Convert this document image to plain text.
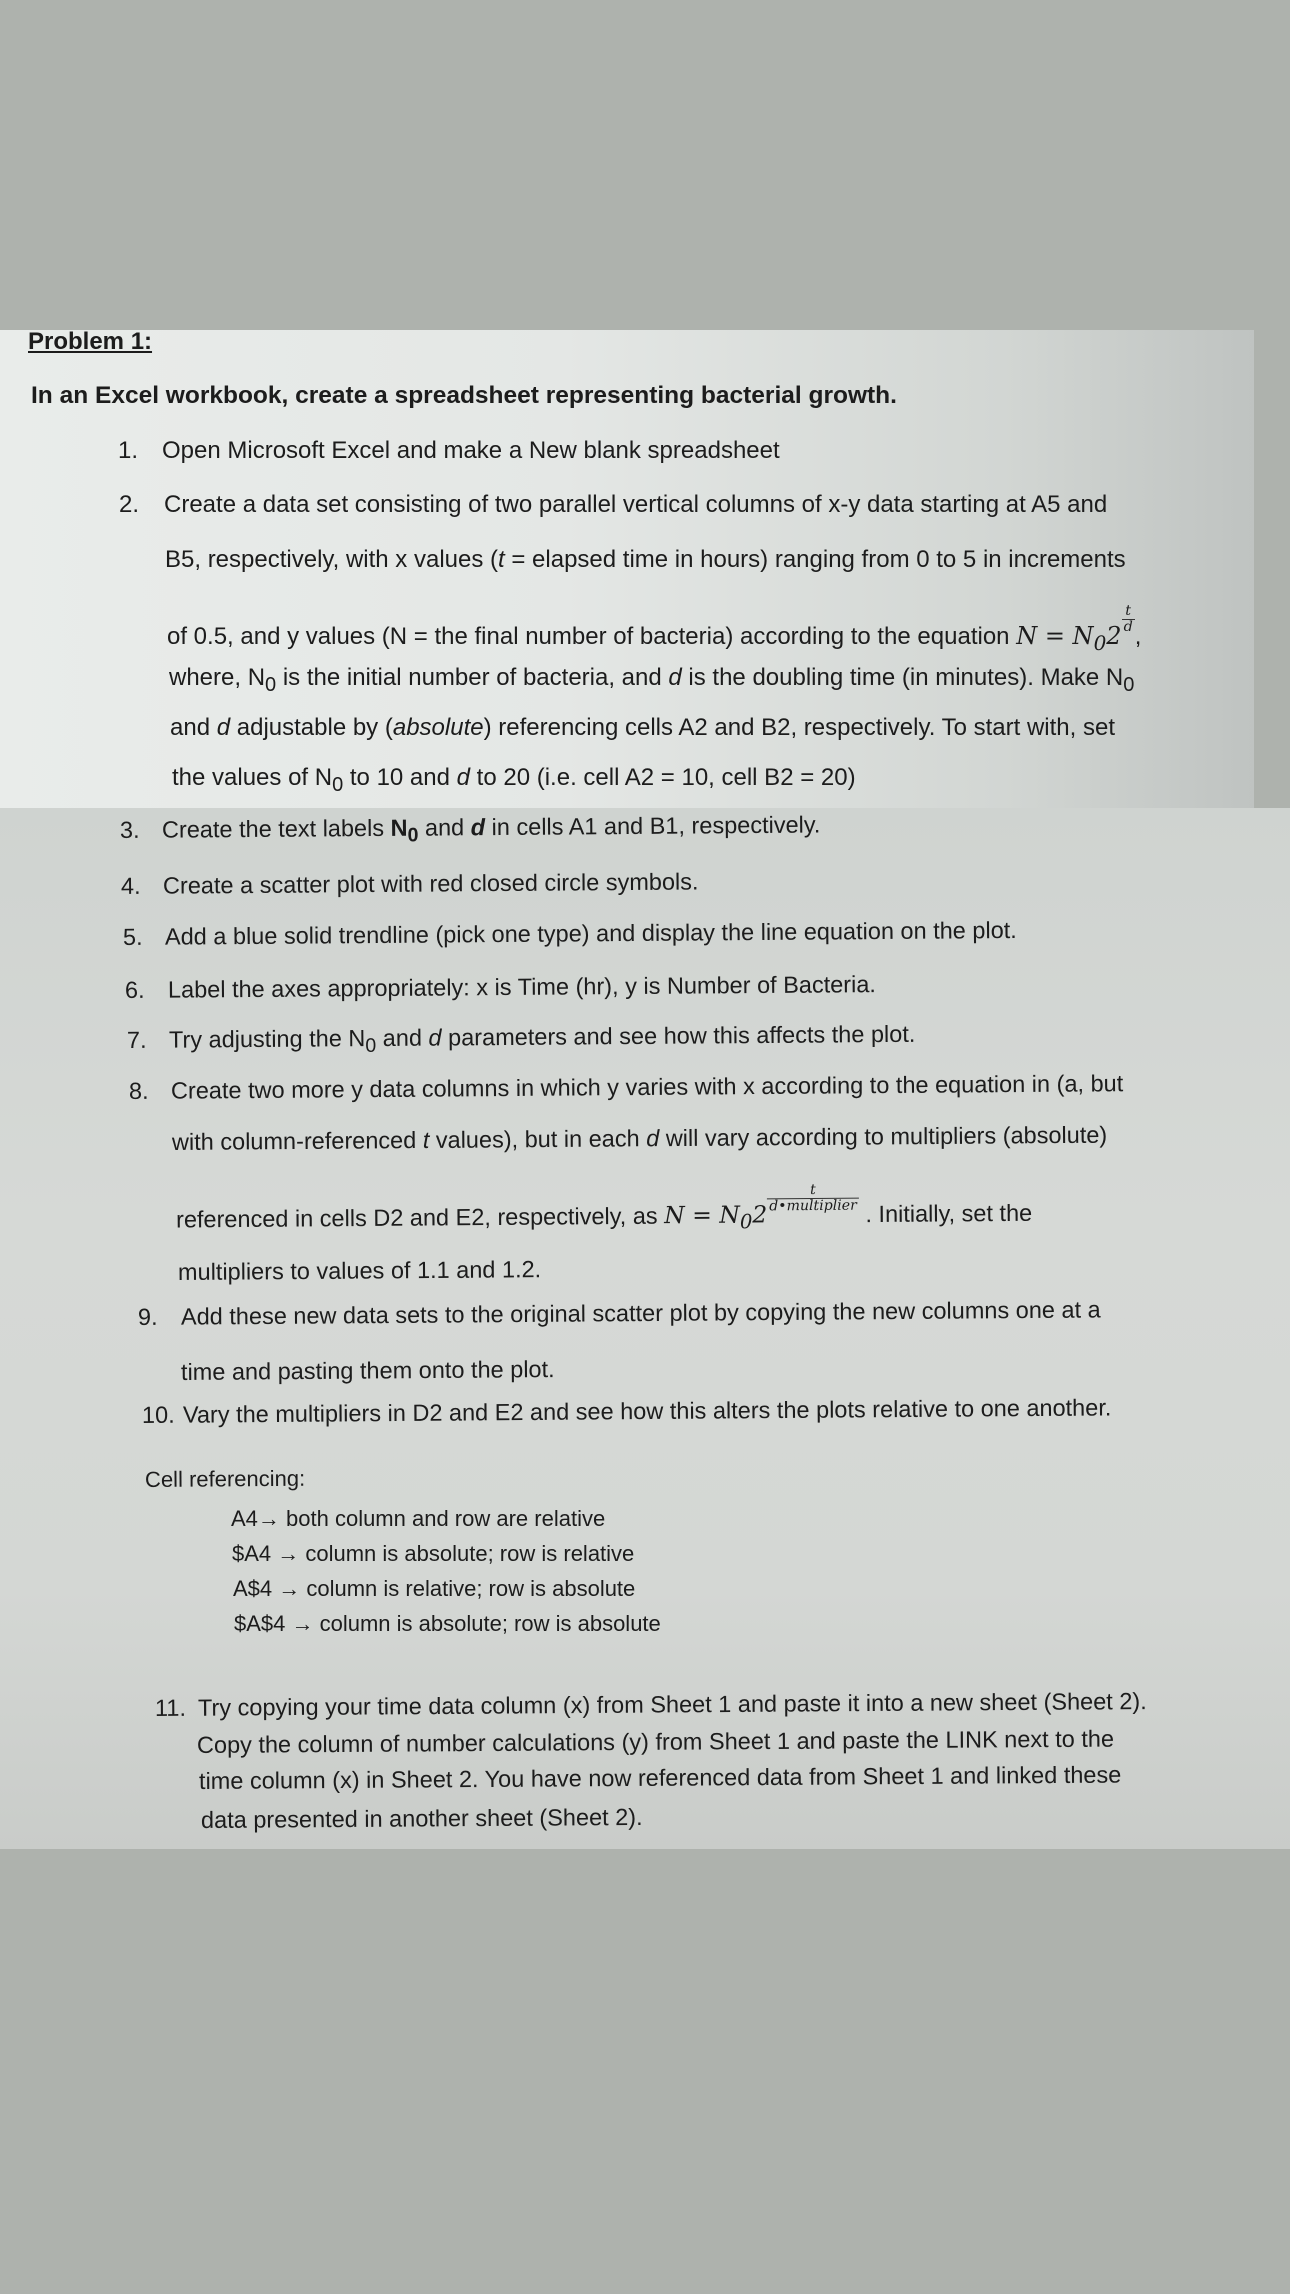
Problem 1:

In an Excel workbook, create a spreadsheet representing bacterial growth.

1. Open Microsoft Excel and make a New blank spreadsheet

2. Create a data set consisting of two parallel vertical columns of x-y data starting at A5 and

B5, respectively, with x values (t = elapsed time in hours) ranging from 0 to 5 in increments

of 0.5, and y values (N = the final number of bacteria) according to the equation $N = N_02$
$\frac{t}{d}$
,

where, $N_0$ is the initial number of bacteria, and d is the doubling time (in minutes). Make $N_0$

and d adjustable by (absolute) referencing cells A2 and B2, respectively. To start with, set

the values of $N_0$ to 10 and d to 20 (i.e. cell A2 = 10, cell B2 = 20)

3. Create the text labels $N_0$ and d in cells A1 and B1, respectively.

4. Create a scatter plot with red closed circle symbols.

5. Add a blue solid trendline (pick one type) and display the line equation on the plot.

6. Label the axes appropriately: x is Time (hr), y is Number of Bacteria.

7. Try adjusting the $N_0$ and d parameters and see how this affects the plot.

8. Create two more y data columns in which y varies with x according to the equation in (a, but

with column-referenced t values), but in each d will vary according to multipliers (absolute)

referenced in cells D2 and E2, respectively, as $N = N_02$
$\frac{t}{\text{d•multiplier}}$ . Initially, set the

multipliers to values of 1.1 and 1.2.

9. Add these new data sets to the original scatter plot by copying the new columns one at a

time and pasting them onto the plot.

10. Vary the multipliers in D2 and E2 and see how this alters the plots relative to one another.

Cell referencing:

A4→ both column and row are relative

$A4 → column is absolute; row is relative

A$4 → column is relative; row is absolute

$A$4 → column is absolute; row is absolute

11. Try copying your time data column (x) from Sheet 1 and paste it into a new sheet (Sheet 2).

Copy the column of number calculations (y) from Sheet 1 and paste the LINK next to the

time column (x) in Sheet 2. You have now referenced data from Sheet 1 and linked these

data presented in another sheet (Sheet 2).
